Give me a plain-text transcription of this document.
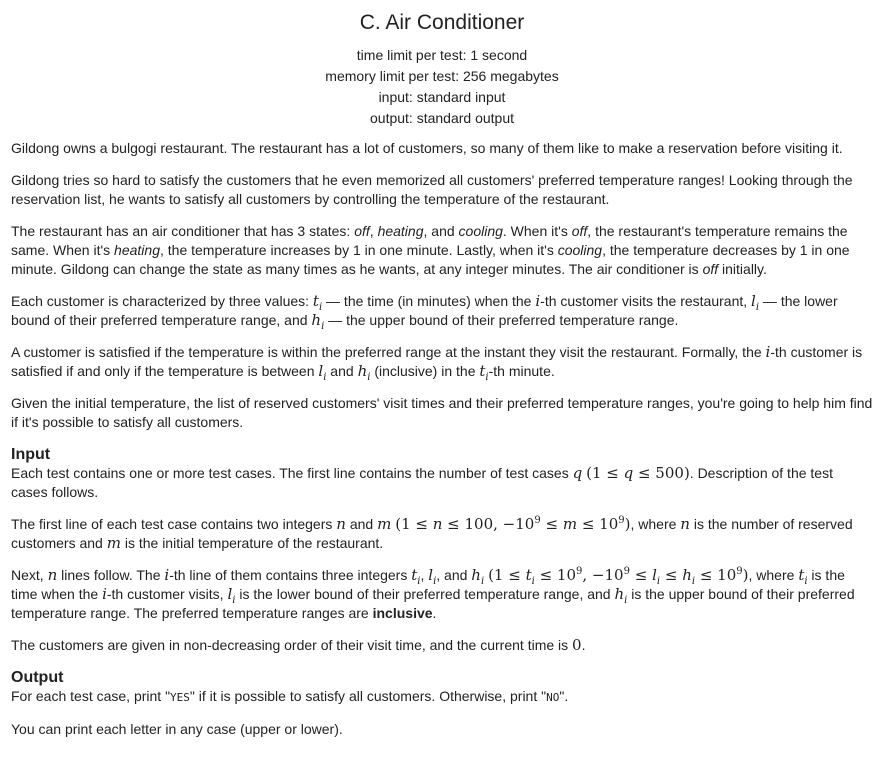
C. Air Conditioner
time limit per test: 1 second
memory limit per test: 256 megabytes
input: standard input
output: standard output

Gildong owns a bulgogi restaurant. The restaurant has a lot of customers, so many of them like to make a reservation before visiting it.

Gildong tries so hard to satisfy the customers that he even memorized all customers' preferred temperature ranges! Looking through the reservation list, he wants to satisfy all customers by controlling the temperature of the restaurant.

The restaurant has an air conditioner that has 3 states: off, heating, and cooling. When it's off, the restaurant's temperature remains the same. When it's heating, the temperature increases by 1 in one minute. Lastly, when it's cooling, the temperature decreases by 1 in one minute. Gildong can change the state as many times as he wants, at any integer minutes. The air conditioner is off initially.

Each customer is characterized by three values: $t_i$ — the time (in minutes) when the i-th customer visits the restaurant, $l_i$ — the lower bound of their preferred temperature range, and $h_i$ — the upper bound of their preferred temperature range.

A customer is satisfied if the temperature is within the preferred range at the instant they visit the restaurant. Formally, the i-th customer is satisfied if and only if the temperature is between $l_i$ and $h_i$ (inclusive) in the $t_i-th$ minute.

Given the initial temperature, the list of reserved customers' visit times and their preferred temperature ranges, you're going to help him find if it's possible to satisfy all customers.

Input

Each test contains one or more test cases. The first line contains the number of test cases q (1 ≤ q ≤ 500). Description of the test cases follows.

The first line of each test case contains two integers n and m (1 ≤ n ≤ 100, $-10^9 \le m \le 10^9$), where n is the number of reserved customers and m is the initial temperature of the restaurant.

Next, n lines follow. The i-th line of them contains three integers $t_i$, $l_i$, and $h_i$ ($1 \le t_i \le 10^9$, $-10^9 \le l_i \le h_i \le 10^9$), where $t_i$ is the time when the i-th customer visits, $l_i$ is the lower bound of their preferred temperature range, and $h_i$ is the upper bound of their preferred temperature range. The preferred temperature ranges are inclusive.

The customers are given in non-decreasing order of their visit time, and the current time is 0.

Output

For each test case, print "YES" if it is possible to satisfy all customers. Otherwise, print "NO".

You can print each letter in any case (upper or lower).
